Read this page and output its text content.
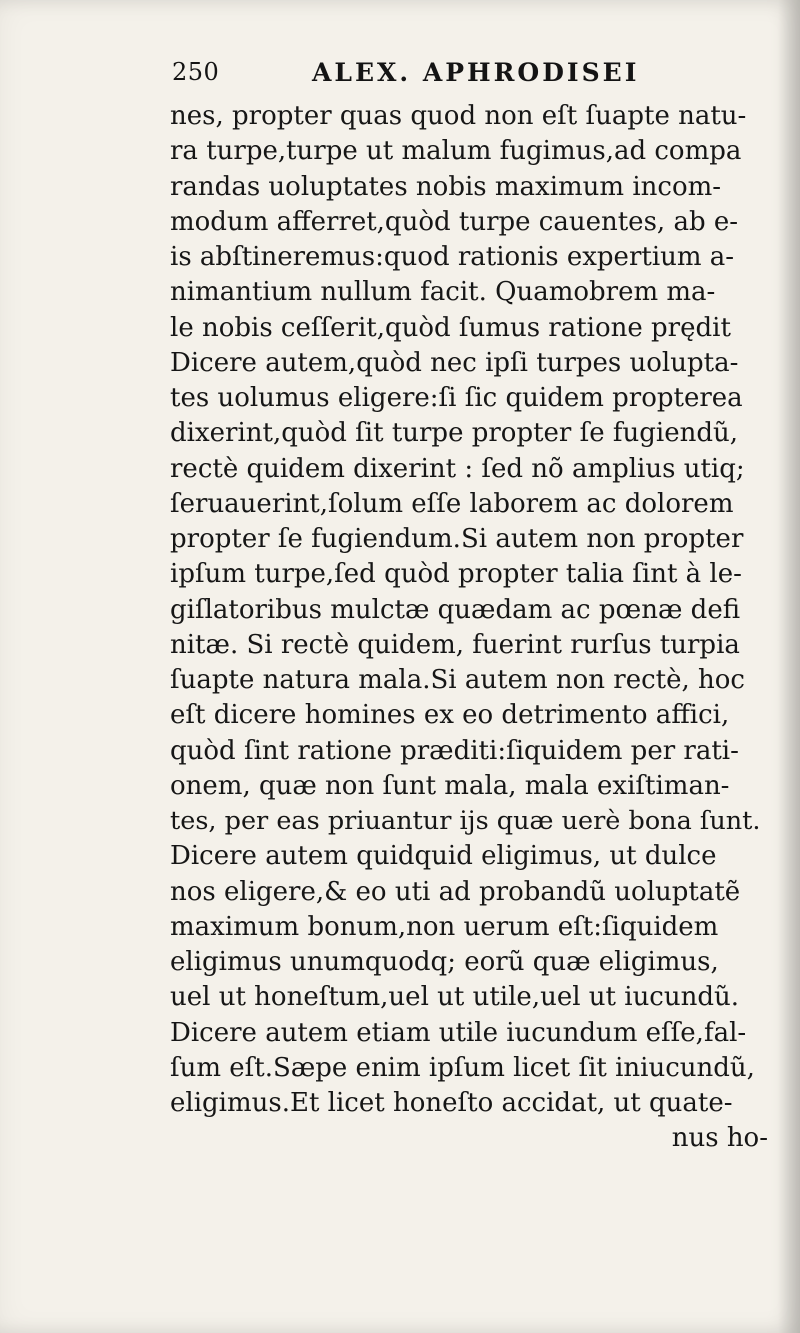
250	ALEX. APHRODISEI
nes, propter quas quod non eſt ſuapte natu-
ra turpe,turpe ut malum fugimus,ad compa
randas uoluptates nobis maximum incom-
modum afferret,quòd turpe cauentes, ab e-
is abſtineremus:quod rationis expertium a-
nimantium nullum facit. Quamobrem ma-
le nobis ceſſerit,quòd ſumus ratione prędit
Dicere autem,quòd nec ipſi turpes uolupta-
tes uolumus eligere:ſi ſic quidem propterea
dixerint,quòd ſit turpe propter ſe fugiendũ,
rectè quidem dixerint : ſed nõ amplius utiq;
ſeruauerint,ſolum eſſe laborem ac dolorem
propter ſe fugiendum.Si autem non propter
ipſum turpe,ſed quòd propter talia ſint à le-
giſlatoribus mulctæ quædam ac pœnæ defi
nitæ. Si rectè quidem, fuerint rurſus turpia
ſuapte natura mala.Si autem non rectè, hoc
eſt dicere homines ex eo detrimento affici,
quòd ſint ratione præditi:ſiquidem per rati-
onem, quæ non ſunt mala, mala exiſtiman-
tes, per eas priuantur ijs quæ uerè bona ſunt.
Dicere autem quidquid eligimus, ut dulce
nos eligere,& eo uti ad probandũ uoluptatẽ
maximum bonum,non uerum eſt:ſiquidem
eligimus unumquodq; eorũ quæ eligimus,
uel ut honeſtum,uel ut utile,uel ut iucundũ.
Dicere autem etiam utile iucundum eſſe,fal-
ſum eſt.Sæpe enim ipſum licet ſit iniucundũ,
eligimus.Et licet honeſto accidat, ut quate-
nus ho-
